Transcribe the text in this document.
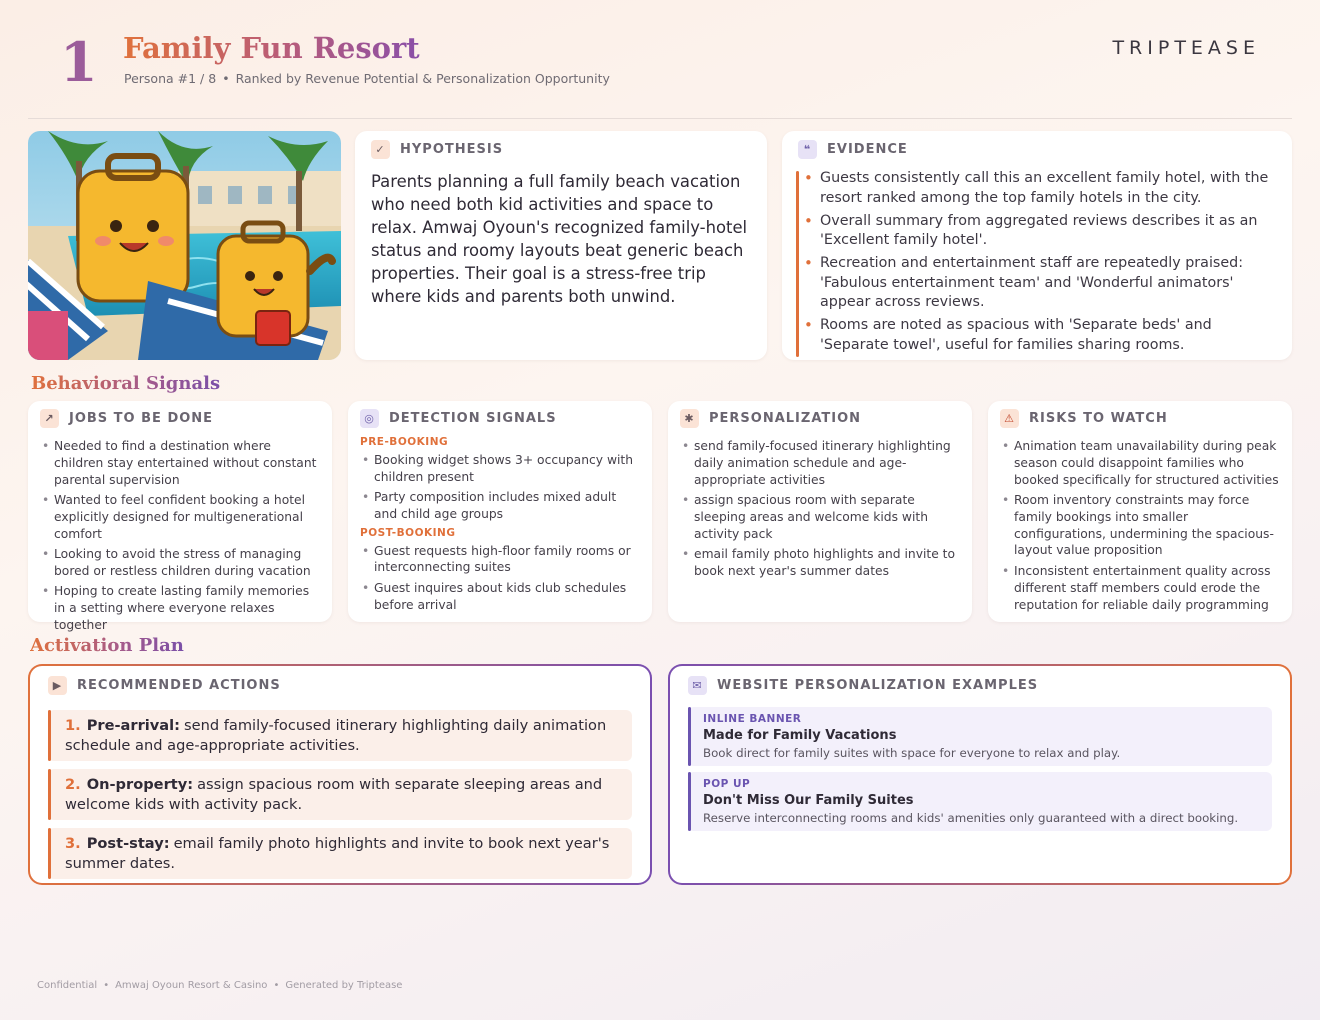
1 Family Fun Resort
Persona #1 / 8 • Ranked by Revenue Potential & Personalization Opportunity
TRIPTEASE
✓	HYPOTHESIS

Parents planning a full family beach vacation who need both kid activities and space to relax. Amwaj Oyoun's recognized family-hotel status and roomy layouts beat generic beach properties. Their goal is a stress-free trip where kids and parents both unwind.

❝	EVIDENCE
• Guests consistently call this an excellent family hotel, with the resort ranked among the top family hotels in the city.
• Overall summary from aggregated reviews describes it as an 'Excellent family hotel'.
• Recreation and entertainment staff are repeatedly praised: 'Fabulous entertainment team' and 'Wonderful animators' appear across reviews.
• Rooms are noted as spacious with 'Separate beds' and 'Separate towel', useful for families sharing rooms.
Behavioral Signals
↗	JOBS TO BE DONE
• Needed to find a destination where children stay entertained without constant parental supervision
• Wanted to feel confident booking a hotel explicitly designed for multigenerational comfort
• Looking to avoid the stress of managing bored or restless children during vacation
• Hoping to create lasting family memories in a setting where everyone relaxes together
◎	DETECTION SIGNALS
PRE-BOOKING
• Booking widget shows 3+ occupancy with children present
• Party composition includes mixed adult and child age groups
POST-BOOKING
• Guest requests high-floor family rooms or interconnecting suites
• Guest inquires about kids club schedules before arrival
✱	PERSONALIZATION
• send family-focused itinerary highlighting daily animation schedule and age-appropriate activities
• assign spacious room with separate sleeping areas and welcome kids with activity pack
• email family photo highlights and invite to book next year's summer dates
⚠	RISKS TO WATCH
• Animation team unavailability during peak season could disappoint families who booked specifically for structured activities
• Room inventory constraints may force family bookings into smaller configurations, undermining the spacious-layout value proposition
• Inconsistent entertainment quality across different staff members could erode the reputation for reliable daily programming
Activation Plan
▶	RECOMMENDED ACTIONS
1. Pre-arrival: send family-focused itinerary highlighting daily animation schedule and age-appropriate activities.
2. On-property: assign spacious room with separate sleeping areas and welcome kids with activity pack.
3. Post-stay: email family photo highlights and invite to book next year's summer dates.
✉	WEBSITE PERSONALIZATION EXAMPLES
INLINE BANNER
Made for Family Vacations
Book direct for family suites with space for everyone to relax and play.
POP UP
Don't Miss Our Family Suites
Reserve interconnecting rooms and kids' amenities only guaranteed with a direct booking.
Confidential • Amwaj Oyoun Resort & Casino • Generated by Triptease
